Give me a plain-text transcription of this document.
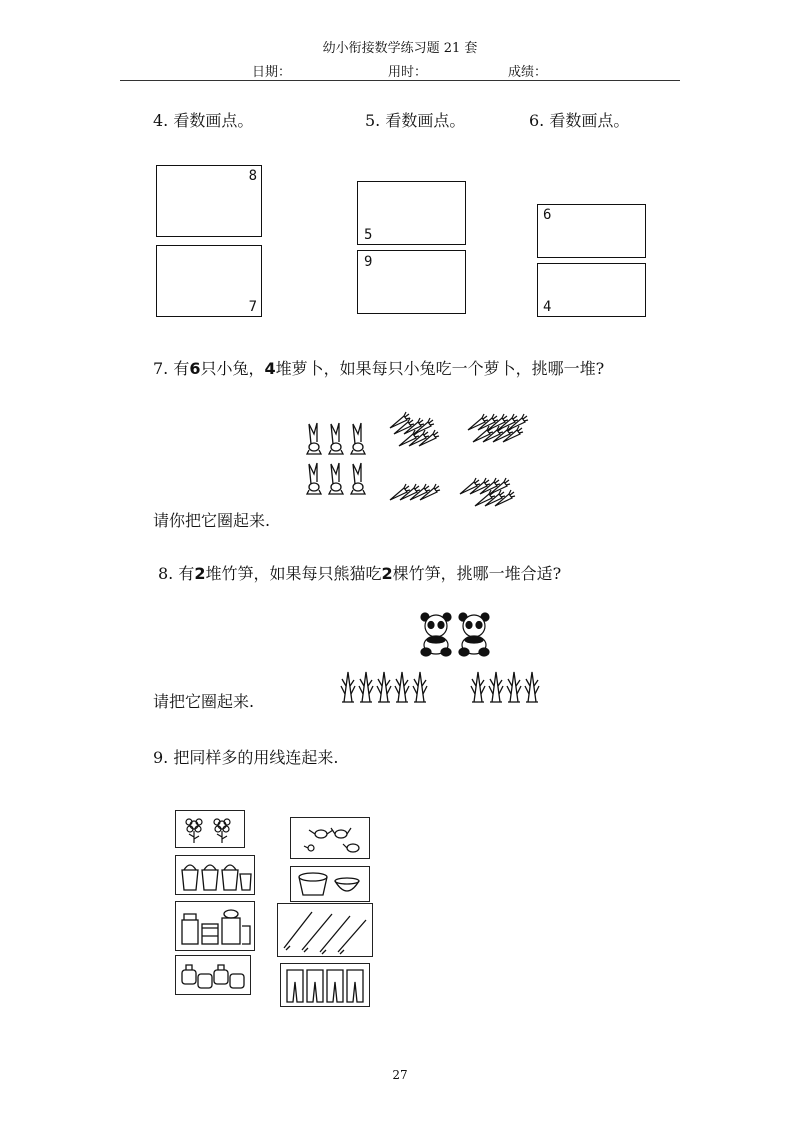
幼小衔接数学练习题 21 套
日期：	用时：	成绩：
4. 看数画点。
8
7
5. 看数画点。
5
9
6. 看数画点。
6
4
7. 有6只小兔，4堆萝卜，如果每只小兔吃一个萝卜，挑哪一堆?
请你把它圈起来.
8. 有2堆竹笋，如果每只熊猫吃2棵竹笋，挑哪一堆合适?
请把它圈起来.
9. 把同样多的用线连起来.
27
